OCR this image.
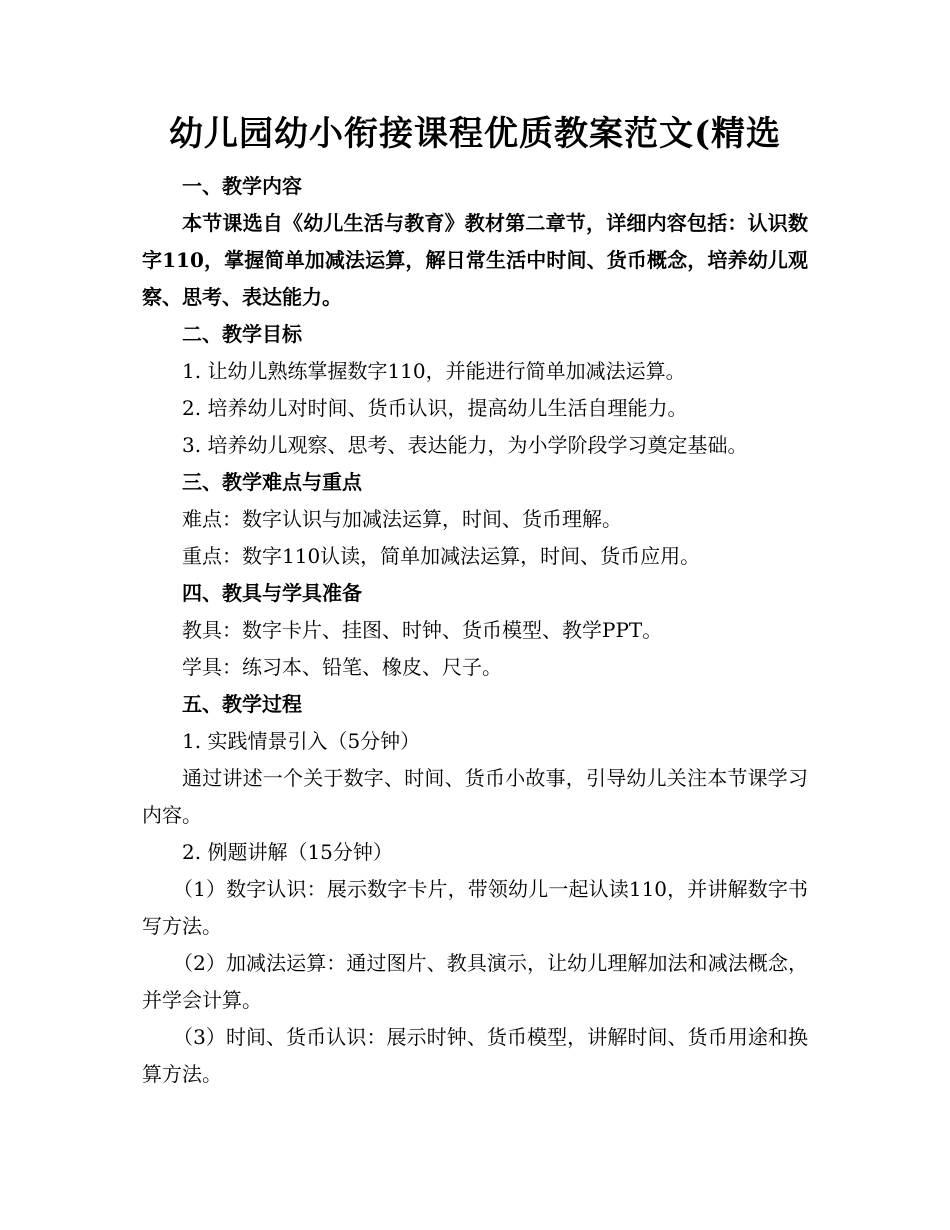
幼儿园幼小衔接课程优质教案范文(精选

一、教学内容

本节课选自《幼儿生活与教育》教材第二章节，详细内容包括：认识数字110，掌握简单加减法运算，解日常生活中时间、货币概念，培养幼儿观察、思考、表达能力。

二、教学目标

1. 让幼儿熟练掌握数字110，并能进行简单加减法运算。

2. 培养幼儿对时间、货币认识，提高幼儿生活自理能力。

3. 培养幼儿观察、思考、表达能力，为小学阶段学习奠定基础。

三、教学难点与重点

难点：数字认识与加减法运算，时间、货币理解。

重点：数字110认读，简单加减法运算，时间、货币应用。

四、教具与学具准备

教具：数字卡片、挂图、时钟、货币模型、教学PPT。

学具：练习本、铅笔、橡皮、尺子。

五、教学过程

1. 实践情景引入（5分钟）

通过讲述一个关于数字、时间、货币小故事，引导幼儿关注本节课学习内容。

2. 例题讲解（15分钟）

（1）数字认识：展示数字卡片，带领幼儿一起认读110，并讲解数字书写方法。

（2）加减法运算：通过图片、教具演示，让幼儿理解加法和减法概念，并学会计算。

（3）时间、货币认识：展示时钟、货币模型，讲解时间、货币用途和换算方法。
